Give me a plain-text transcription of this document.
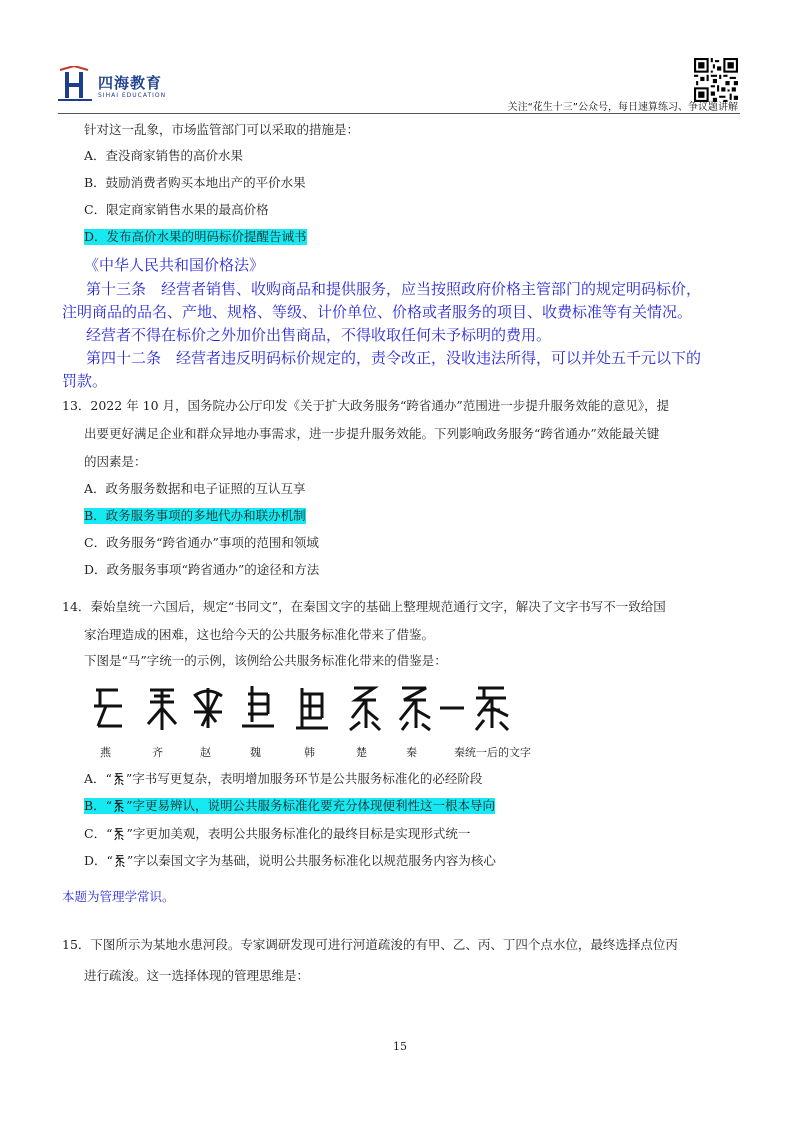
四海教育
SIHAI EDUCATION
关注“花生十三”公众号，每日速算练习、争议题讲解
针对这一乱象，市场监管部门可以采取的措施是：
A．查没商家销售的高价水果
B．鼓励消费者购买本地出产的平价水果
C．限定商家销售水果的最高价格
D．发布高价水果的明码标价提醒告诫书
《中华人民共和国价格法》
第十三条　经营者销售、收购商品和提供服务，应当按照政府价格主管部门的规定明码标价，
注明商品的品名、产地、规格、等级、计价单位、价格或者服务的项目、收费标准等有关情况。
经营者不得在标价之外加价出售商品，不得收取任何未予标明的费用。
第四十二条　经营者违反明码标价规定的，责令改正，没收违法所得，可以并处五千元以下的
罚款。
13．2022 年 10 月，国务院办公厅印发《关于扩大政务服务“跨省通办”范围进一步提升服务效能的意见》，提
出要更好满足企业和群众异地办事需求，进一步提升服务效能。下列影响政务服务“跨省通办”效能最关键
的因素是：
A．政务服务数据和电子证照的互认互享
B．政务服务事项的多地代办和联办机制
C．政务服务“跨省通办”事项的范围和领域
D．政务服务事项“跨省通办”的途径和方法
14．秦始皇统一六国后，规定“书同文”，在秦国文字的基础上整理规范通行文字，解决了文字书写不一致给国
家治理造成的困难，这也给今天的公共服务标准化带来了借鉴。
下图是“马”字统一的示例，该例给公共服务标准化带来的借鉴是：
燕	齐	赵	魏	韩	楚	秦	秦统一后的文字
A．“ ”字书写更复杂，表明增加服务环节是公共服务标准化的必经阶段
B．“ ”字更易辨认，说明公共服务标准化要充分体现便利性这一根本导向
C．“ ”字更加美观，表明公共服务标准化的最终目标是实现形式统一
D．“ ”字以秦国文字为基础，说明公共服务标准化以规范服务内容为核心
本题为管理学常识。
15．下图所示为某地水患河段。专家调研发现可进行河道疏浚的有甲、乙、丙、丁四个点水位，最终选择点位丙
进行疏浚。这一选择体现的管理思维是：
15
